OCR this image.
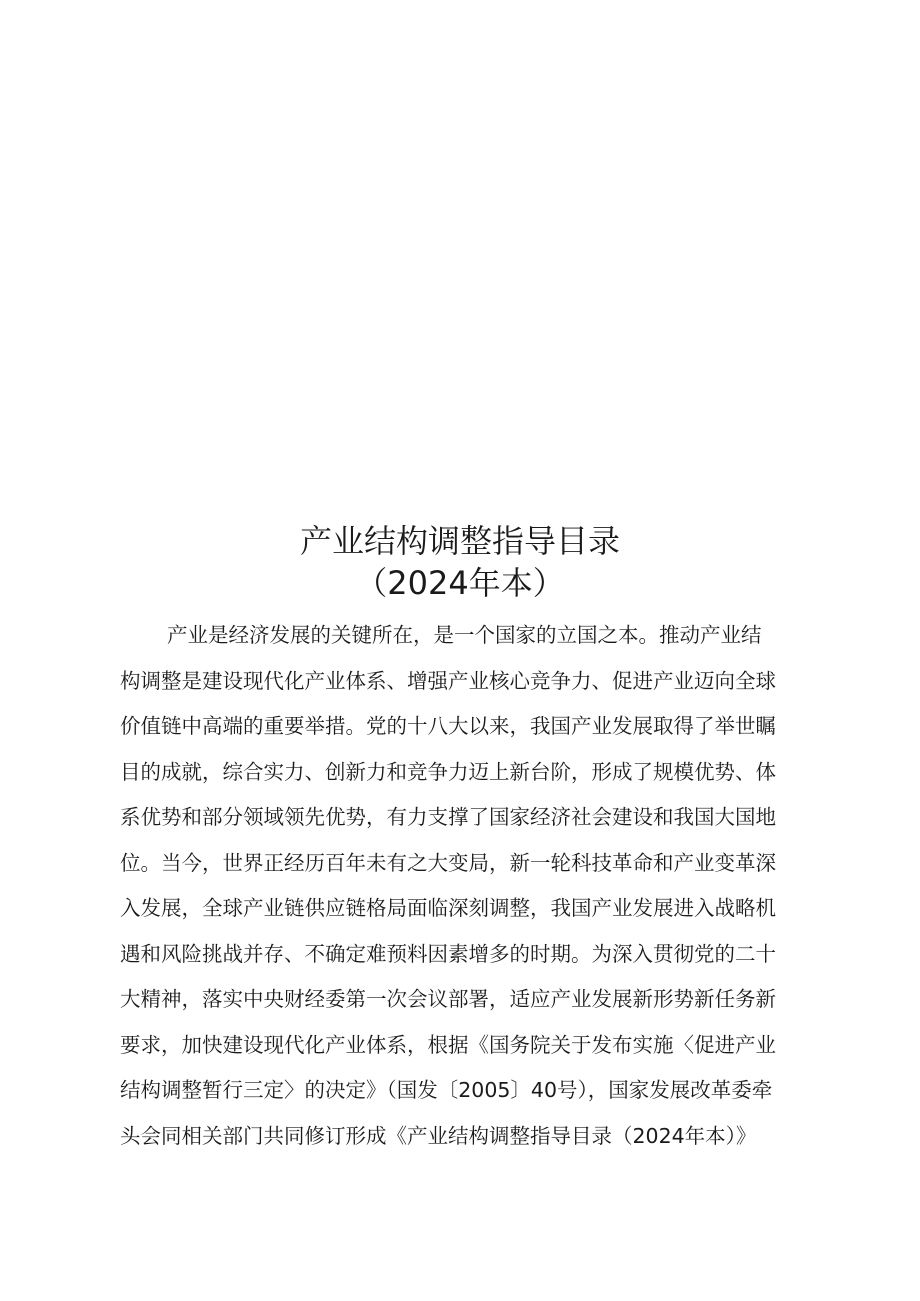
产业结构调整指导目录
（2024年本）
产业是经济发展的关键所在，是一个国家的立国之本。推动产业结
构调整是建设现代化产业体系、增强产业核心竞争力、促进产业迈向全球
价值链中高端的重要举措。党的十八大以来，我国产业发展取得了举世瞩
目的成就，综合实力、创新力和竞争力迈上新台阶，形成了规模优势、体
系优势和部分领域领先优势，有力支撑了国家经济社会建设和我国大国地
位。当今，世界正经历百年未有之大变局，新一轮科技革命和产业变革深
入发展，全球产业链供应链格局面临深刻调整，我国产业发展进入战略机
遇和风险挑战并存、不确定难预料因素增多的时期。为深入贯彻党的二十
大精神，落实中央财经委第一次会议部署，适应产业发展新形势新任务新
要求，加快建设现代化产业体系，根据《国务院关于发布实施〈促进产业
结构调整暂行三定〉的决定》（国发〔2005〕40号），国家发展改革委牵
头会同相关部门共同修订形成《产业结构调整指导目录（2024年本）》
